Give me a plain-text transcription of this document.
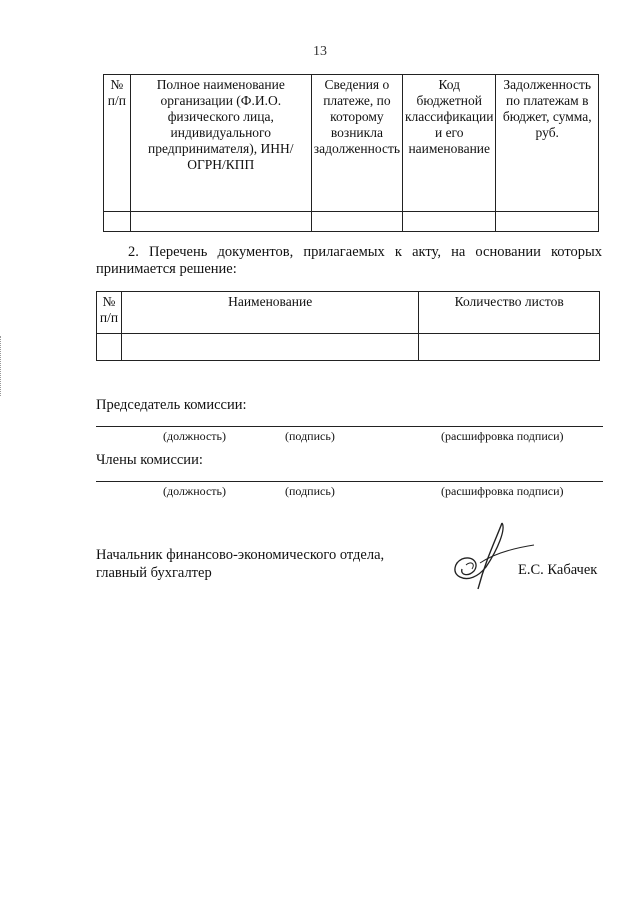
13
№ п/п	Полное наименование организации (Ф.И.О. физического лица, индивидуального предпринимателя), ИНН/ОГРН/КПП	Сведения о платеже, по которому возникла задолженность	Код бюджетной классификации и его наименование	Задолженность по платежам в бюджет, сумма, руб.

2. Перечень документов, прилагаемых к акту, на основании которых принимается решение:
№ п/п	Наименование	Количество листов

Председатель комиссии:
(должность)	(подпись)	(расшифровка подписи)
Члены комиссии:
(должность)	(подпись)	(расшифровка подписи)
Начальник финансово-экономического отдела,
главный бухгалтер	Е.С. Кабачек
